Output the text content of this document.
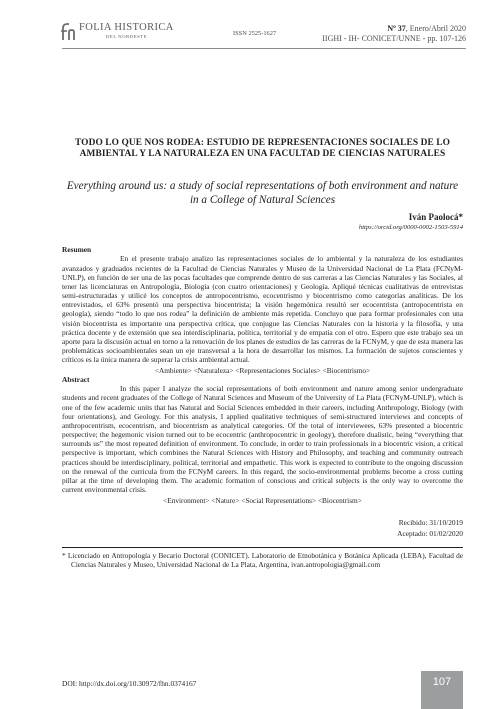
FOLIA HISTORICA
DEL NORDESTE	ISSN 2525-1627
Nº 37, Enero/Abril 2020
IIGHI - IH- CONICET/UNNE - pp. 107-126
TODO LO QUE NOS RODEA: ESTUDIO DE REPRESENTACIONES SOCIALES DE LO AMBIENTAL Y LA NATURALEZA EN UNA FACULTAD DE CIENCIAS NATURALES
Everything around us: a study of social representations of both environment and nature in a College of Natural Sciences
Iván Paolocá*
https://orcid.org/0000-0002-1503-5914
Resumen

En el presente trabajo analizo las representaciones sociales de lo ambiental y la naturaleza de los estudiantes avanzados y graduados recientes de la Facultad de Ciencias Naturales y Museo de la Universidad Nacional de La Plata (FCNyM-UNLP), en función de ser una de las pocas facultades que comprende dentro de sus carreras a las Ciencias Naturales y las Sociales, al tener las licenciaturas en Antropología, Biología (con cuatro orientaciones) y Geología. Apliqué técnicas cualitativas de entrevistas semi-estructuradas y utilicé los conceptos de antropocentrismo, ecocentrismo y biocentrismo como categorías analíticas. De los entrevistados, el 63% presentó una perspectiva biocentrista; la visión hegemónica resultó ser ecocentrista (antropocentrista en geología), siendo “todo lo que nos rodea” la definición de ambiente más repetida. Concluyo que para formar profesionales con una visión biocentrista es importante una perspectiva crítica, que conjugue las Ciencias Naturales con la historia y la filosofía, y una práctica docente y de extensión que sea interdisciplinaria, política, territorial y de empatía con el otro. Espero que este trabajo sea un aporte para la discusión actual en torno a la renovación de los planes de estudios de las carreras de la FCNyM, y que de esta manera las problemáticas socioambientales sean un eje transversal a la hora de desarrollar los mismos. La formación de sujetos conscientes y críticos es la única manera de superar la crisis ambiental actual.

<Ambiente> <Naturaleza> <Representaciones Sociales> <Biocentrismo>
Abstract

In this paper I analyze the social representations of both environment and nature among senior undergraduate students and recent graduates of the College of Natural Sciences and Museum of the University of La Plata (FCNyM-UNLP), which is one of the few academic units that has Natural and Social Sciences embedded in their careers, including Anthropology, Biology (with four orientations), and Geology. For this analysis, I applied qualitative techniques of semi-structured interviews and concepts of anthropocentrism, ecocentrism, and biocentrism as analytical categories. Of the total of interviewees, 63% presented a biocentric perspective; the hegemonic vision turned out to be ecocentric (anthropocentric in geology), therefore dualistic, being “everything that surrounds us” the most repeated definition of environment. To conclude, in order to train professionals in a biocentric vision, a critical perspective is important, which combines the Natural Sciences with History and Philosophy, and teaching and community outreach practices should be interdisciplinary, political, territorial and empathetic. This work is expected to contribute to the ongoing discussion on the renewal of the curricula from the FCNyM careers. In this regard, the socio-environmental problems become a cross cutting pillar at the time of developing them. The academic formation of conscious and critical subjects is the only way to overcome the current environmental crisis.

<Environment> <Nature> <Social Representations> <Biocentrism>
Recibido: 31/10/2019
Aceptado: 01/02/2020
* Licenciado en Antropología y Becario Doctoral (CONICET). Laboratorio de Etnobotánica y Botánica Aplicada (LEBA), Facultad de Ciencias Naturales y Museo, Universidad Nacional de La Plata, Argentina, ivan.antropologia@gmail.com
DOI: http://dx.doi.org/10.30972/fhn.0374167	107
